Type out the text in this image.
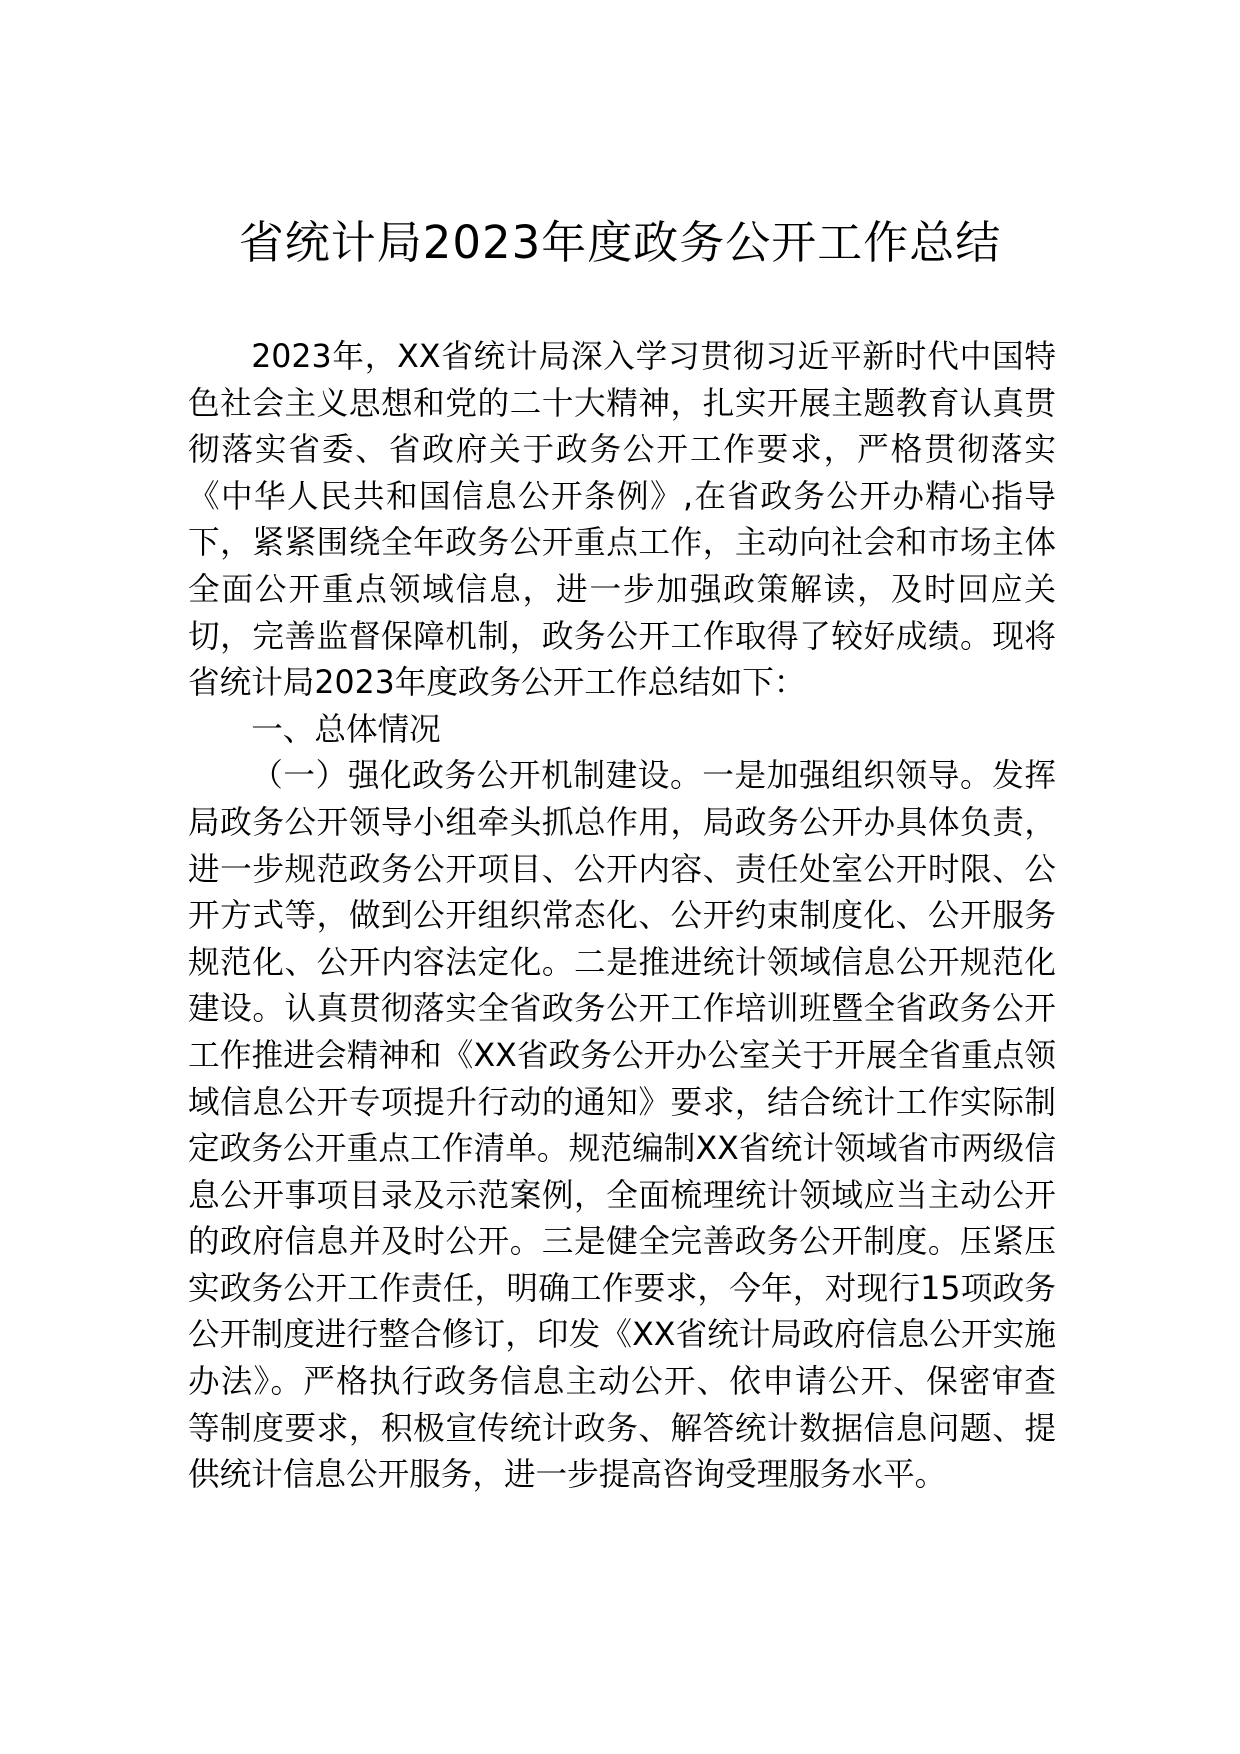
省统计局2023年度政务公开工作总结

2023年，XX省统计局深入学习贯彻习近平新时代中国特色社会主义思想和党的二十大精神，扎实开展主题教育认真贯彻落实省委、省政府关于政务公开工作要求，严格贯彻落实《中华人民共和国信息公开条例》,在省政务公开办精心指导下，紧紧围绕全年政务公开重点工作，主动向社会和市场主体全面公开重点领域信息，进一步加强政策解读，及时回应关切，完善监督保障机制，政务公开工作取得了较好成绩。现将省统计局2023年度政务公开工作总结如下：

一、总体情况

（一）强化政务公开机制建设。一是加强组织领导。发挥局政务公开领导小组牵头抓总作用，局政务公开办具体负责，进一步规范政务公开项目、公开内容、责任处室公开时限、公开方式等，做到公开组织常态化、公开约束制度化、公开服务规范化、公开内容法定化。二是推进统计领域信息公开规范化建设。认真贯彻落实全省政务公开工作培训班暨全省政务公开工作推进会精神和《XX省政务公开办公室关于开展全省重点领域信息公开专项提升行动的通知》要求，结合统计工作实际制定政务公开重点工作清单。规范编制XX省统计领域省市两级信息公开事项目录及示范案例，全面梳理统计领域应当主动公开的政府信息并及时公开。三是健全完善政务公开制度。压紧压实政务公开工作责任，明确工作要求，今年，对现行15项政务公开制度进行整合修订，印发《XX省统计局政府信息公开实施办法》。严格执行政务信息主动公开、依申请公开、保密审查等制度要求，积极宣传统计政务、解答统计数据信息问题、提供统计信息公开服务，进一步提高咨询受理服务水平。
